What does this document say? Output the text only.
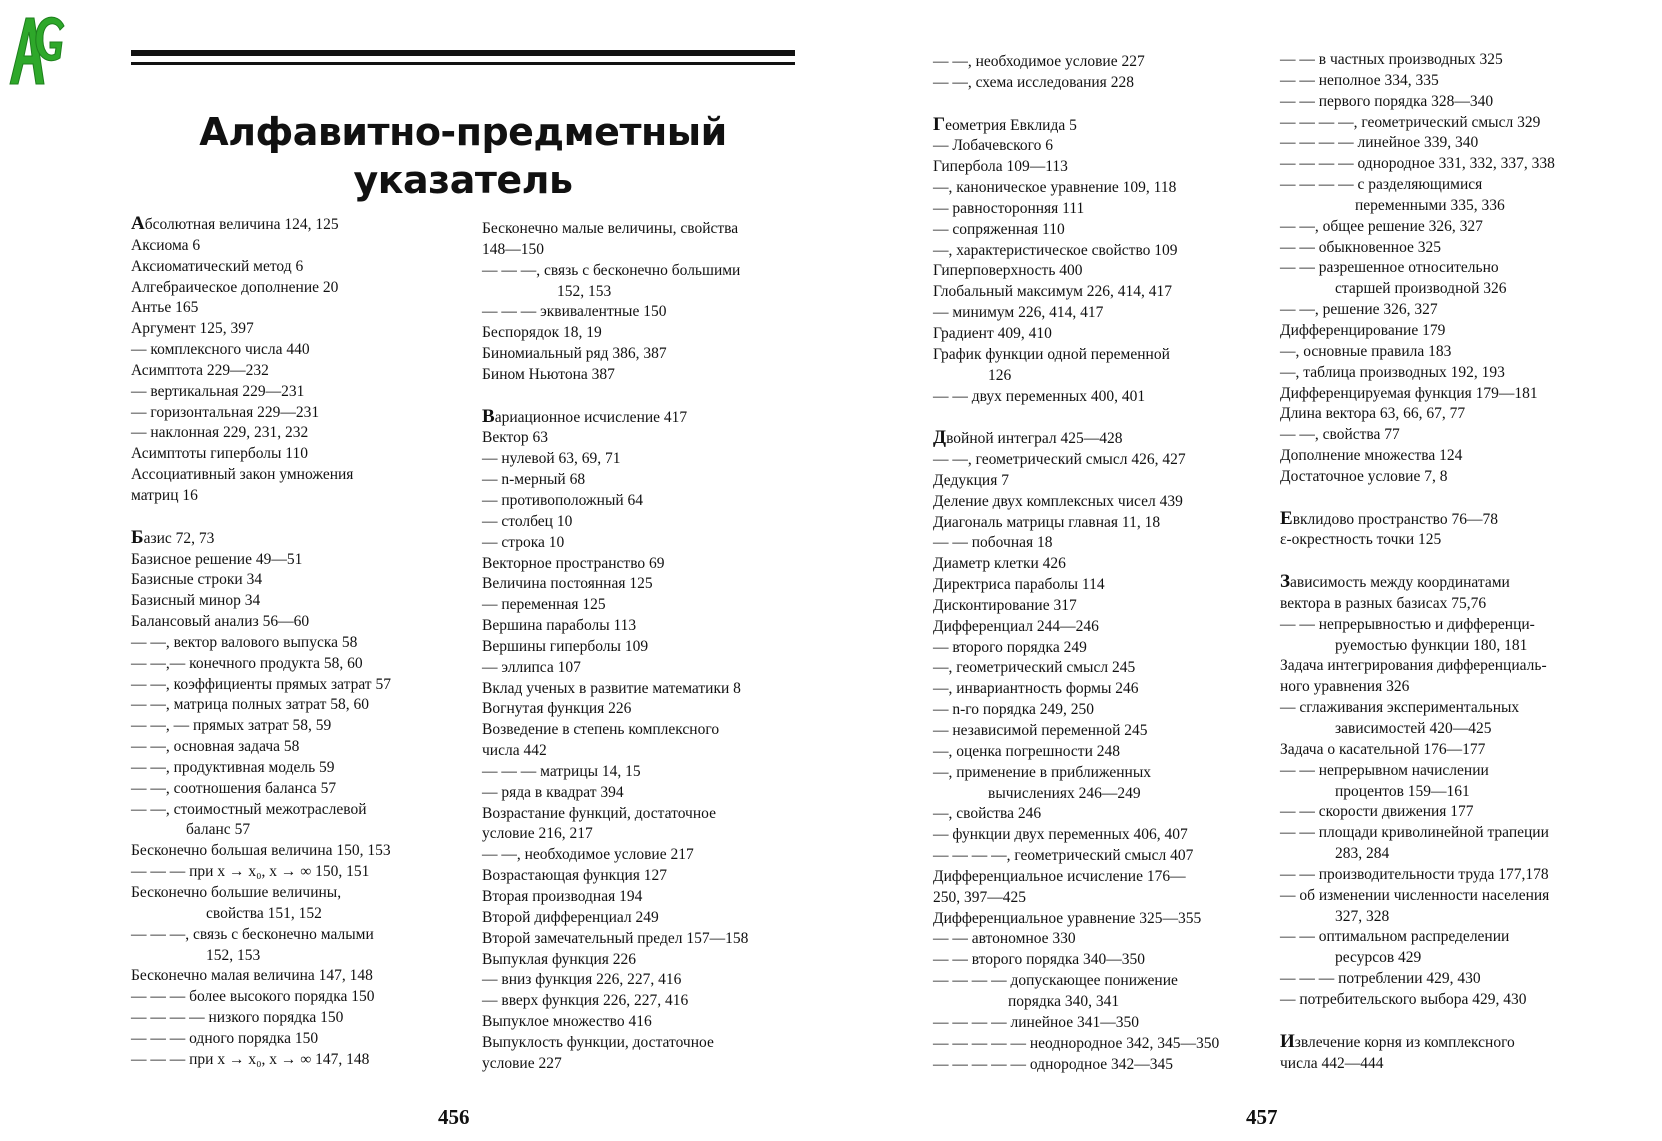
Алфавитно-предметный
указатель
Абсолютная величина 124, 125
Аксиома 6
Аксиоматический метод 6
Алгебраическое дополнение 20
Антье 165
Аргумент 125, 397
— комплексного числа 440
Асимптота 229—232
— вертикальная 229—231
— горизонтальная 229—231
— наклонная 229, 231, 232
Асимптоты гиперболы 110
Ассоциативный закон умножения
матриц 16
Базис 72, 73
Базисное решение 49—51
Базисные строки 34
Базисный минор 34
Балансовый анализ 56—60
— —, вектор валового выпуска 58
— —,— конечного продукта 58, 60
— —, коэффициенты прямых затрат 57
— —, матрица полных затрат 58, 60
— —, — прямых затрат 58, 59
— —, основная задача 58
— —, продуктивная модель 59
— —, соотношения баланса 57
— —, стоимостный межотраслевой
баланс 57
Бесконечно большая величина 150, 153
— — — при x → x₀, x → ∞ 150, 151
Бесконечно большие величины,
свойства 151, 152
— — —, связь с бесконечно малыми
152, 153
Бесконечно малая величина 147, 148
— — — более высокого порядка 150
— — — — низкого порядка 150
— — — одного порядка 150
— — — при x → x₀, x → ∞ 147, 148
Бесконечно малые величины, свойства
148—150
— — —, связь с бесконечно большими
152, 153
— — — эквивалентные 150
Беспорядок 18, 19
Биномиальный ряд 386, 387
Бином Ньютона 387
Вариационное исчисление 417
Вектор 63
— нулевой 63, 69, 71
— n-мерный 68
— противоположный 64
— столбец 10
— строка 10
Векторное пространство 69
Величина постоянная 125
— переменная 125
Вершина параболы 113
Вершины гиперболы 109
— эллипса 107
Вклад ученых в развитие математики 8
Вогнутая функция 226
Возведение в степень комплексного
числа 442
— — — матрицы 14, 15
— ряда в квадрат 394
Возрастание функций, достаточное
условие 216, 217
— —, необходимое условие 217
Возрастающая функция 127
Вторая производная 194
Второй дифференциал 249
Второй замечательный предел 157—158
Выпуклая функция 226
— вниз функция 226, 227, 416
— вверх функция 226, 227, 416
Выпуклое множество 416
Выпуклость функции, достаточное
условие 227
— —, необходимое условие 227
— —, схема исследования 228
Геометрия Евклида 5
— Лобачевского 6
Гипербола 109—113
—, каноническое уравнение 109, 118
— равносторонняя 111
— сопряженная 110
—, характеристическое свойство 109
Гиперповерхность 400
Глобальный максимум 226, 414, 417
— минимум 226, 414, 417
Градиент 409, 410
График функции одной переменной
126
— — двух переменных 400, 401
Двойной интеграл 425—428
— —, геометрический смысл 426, 427
Дедукция 7
Деление двух комплексных чисел 439
Диагональ матрицы главная 11, 18
— — побочная 18
Диаметр клетки 426
Директриса параболы 114
Дисконтирование 317
Дифференциал 244—246
— второго порядка 249
—, геометрический смысл 245
—, инвариантность формы 246
— n-го порядка 249, 250
— независимой переменной 245
—, оценка погрешности 248
—, применение в приближенных
вычислениях 246—249
—, свойства 246
— функции двух переменных 406, 407
— — — —, геометрический смысл 407
Дифференциальное исчисление 176—
250, 397—425
Дифференциальное уравнение 325—355
— — автономное 330
— — второго порядка 340—350
— — — — допускающее понижение
порядка 340, 341
— — — — линейное 341—350
— — — — — неоднородное 342, 345—350
— — — — — однородное 342—345
— — в частных производных 325
— — неполное 334, 335
— — первого порядка 328—340
— — — —, геометрический смысл 329
— — — — линейное 339, 340
— — — — однородное 331, 332, 337, 338
— — — — с разделяющимися
переменными 335, 336
— —, общее решение 326, 327
— — обыкновенное 325
— — разрешенное относительно
старшей производной 326
— —, решение 326, 327
Дифференцирование 179
—, основные правила 183
—, таблица производных 192, 193
Дифференцируемая функция 179—181
Длина вектора 63, 66, 67, 77
— —, свойства 77
Дополнение множества 124
Достаточное условие 7, 8
Евклидово пространство 76—78
ε-окрестность точки 125
Зависимость между координатами
вектора в разных базисах 75,76
— — непрерывностью и дифференци-
руемостью функции 180, 181
Задача интегрирования дифференциаль-
ного уравнения 326
— сглаживания экспериментальных
зависимостей 420—425
Задача о касательной 176—177
— — непрерывном начислении
процентов 159—161
— — скорости движения 177
— — площади криволинейной трапеции
283, 284
— — производительности труда 177,178
— об изменении численности населения
327, 328
— — оптимальном распределении
ресурсов 429
— — — потреблении 429, 430
— потребительского выбора 429, 430
Извлечение корня из комплексного
числа 442—444
456	457
